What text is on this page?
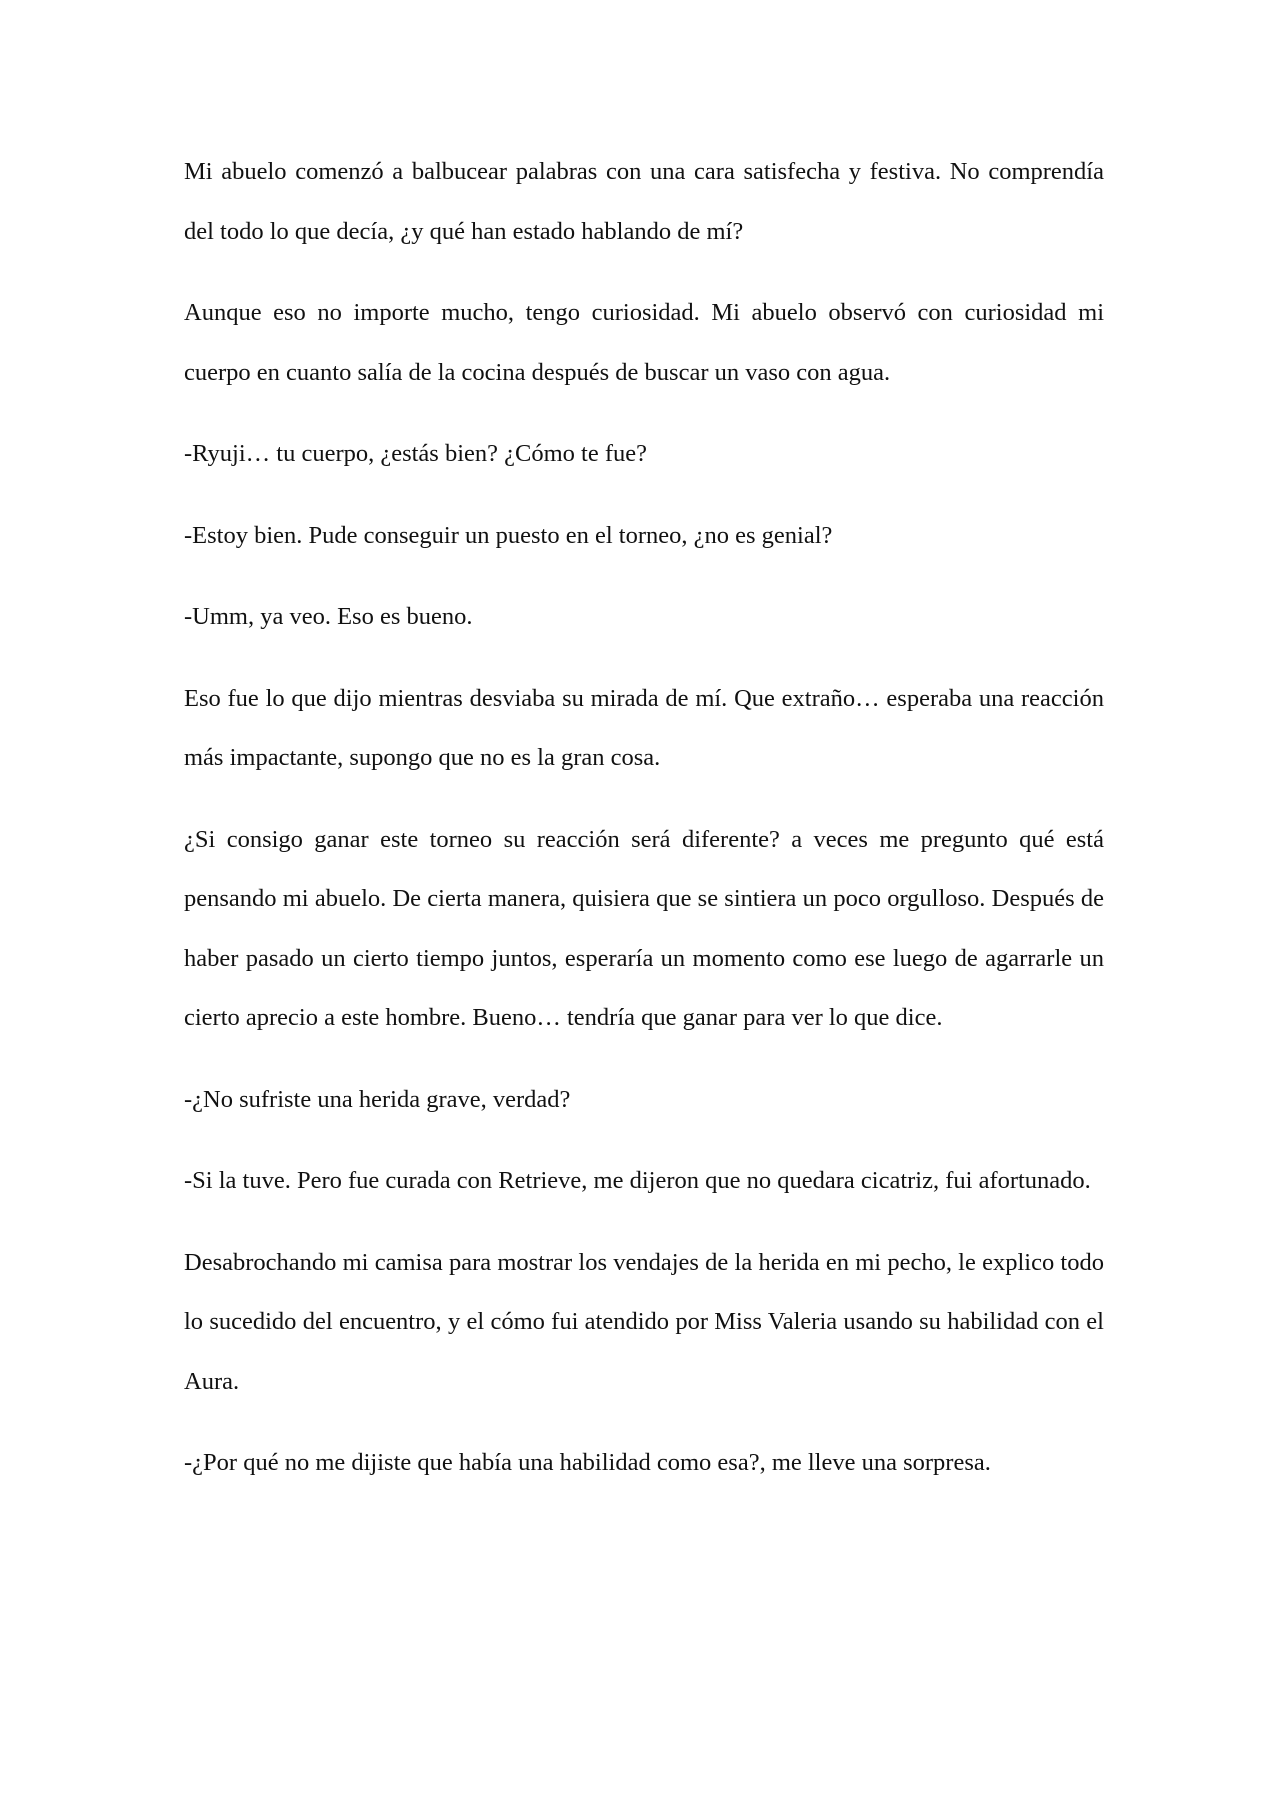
Mi abuelo comenzó a balbucear palabras con una cara satisfecha y festiva. No comprendía del todo lo que decía, ¿y qué han estado hablando de mí?

Aunque eso no importe mucho, tengo curiosidad. Mi abuelo observó con curiosidad mi cuerpo en cuanto salía de la cocina después de buscar un vaso con agua.

-Ryuji… tu cuerpo, ¿estás bien? ¿Cómo te fue?

-Estoy bien. Pude conseguir un puesto en el torneo, ¿no es genial?

-Umm, ya veo. Eso es bueno.

Eso fue lo que dijo mientras desviaba su mirada de mí. Que extraño… esperaba una reacción más impactante, supongo que no es la gran cosa.

¿Si consigo ganar este torneo su reacción será diferente? a veces me pregunto qué está pensando mi abuelo. De cierta manera, quisiera que se sintiera un poco orgulloso. Después de haber pasado un cierto tiempo juntos, esperaría un momento como ese luego de agarrarle un cierto aprecio a este hombre. Bueno… tendría que ganar para ver lo que dice.

-¿No sufriste una herida grave, verdad?

-Si la tuve. Pero fue curada con Retrieve, me dijeron que no quedara cicatriz, fui afortunado.

Desabrochando mi camisa para mostrar los vendajes de la herida en mi pecho, le explico todo lo sucedido del encuentro, y el cómo fui atendido por Miss Valeria usando su habilidad con el Aura.

-¿Por qué no me dijiste que había una habilidad como esa?, me lleve una sorpresa.
